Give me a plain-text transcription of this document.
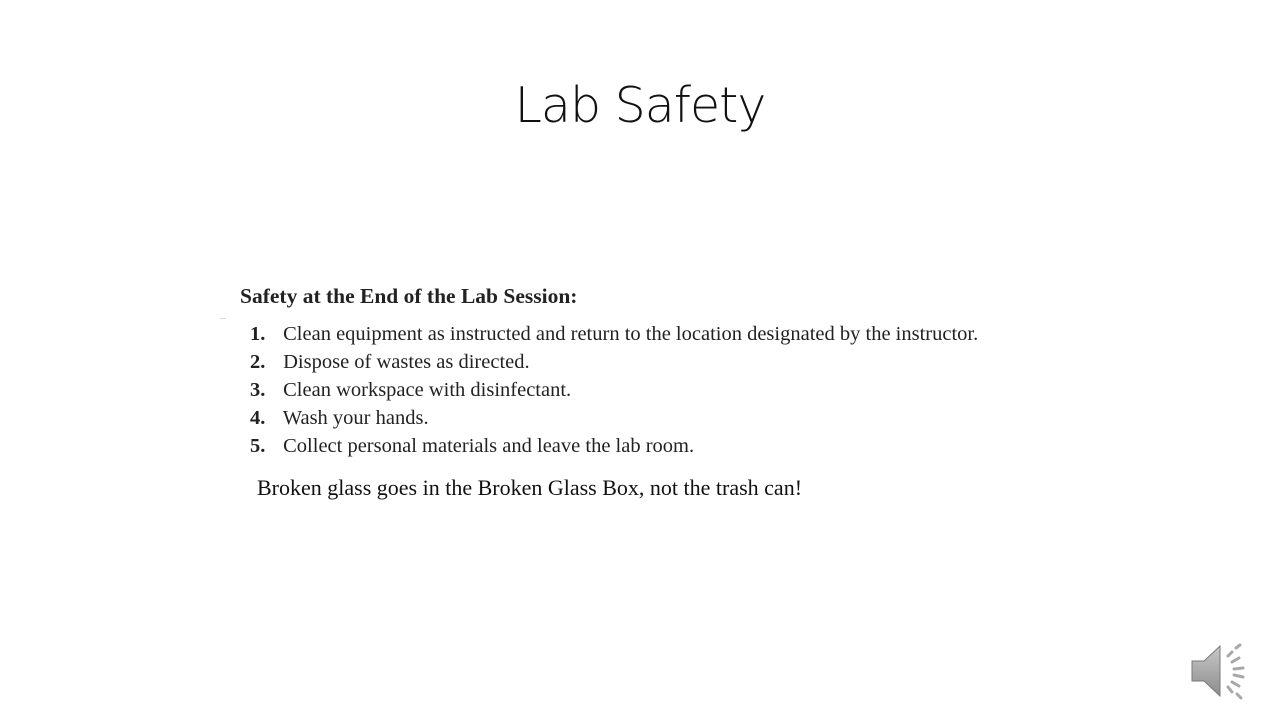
Lab Safety
Safety at the End of the Lab Session:
1. Clean equipment as instructed and return to the location designated by the instructor.
2. Dispose of wastes as directed.
3. Clean workspace with disinfectant.
4. Wash your hands.
5. Collect personal materials and leave the lab room.
Broken glass goes in the Broken Glass Box, not the trash can!
